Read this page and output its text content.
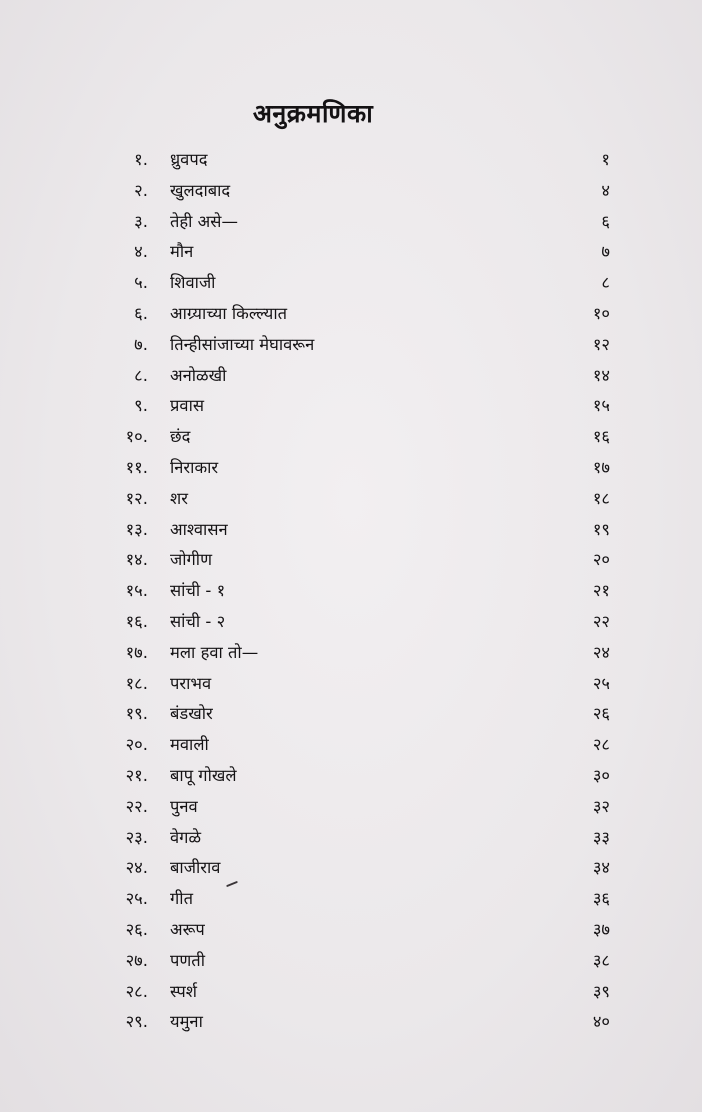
अनुक्रमणिका
१. ध्रुवपद	१
२. खुलदाबाद	४
३. तेही असे—	६
४. मौन	७
५. शिवाजी	८
६. आग्र्याच्या किल्ल्यात	१०
७. तिन्हीसांजाच्या मेघावरून	१२
८. अनोळखी	१४
९. प्रवास	१५
१०. छंद	१६
११. निराकार	१७
१२. शर	१८
१३. आश्वासन	१९
१४. जोगीण	२०
१५. सांची - १	२१
१६. सांची - २	२२
१७. मला हवा तो—	२४
१८. पराभव	२५
१९. बंडखोर	२६
२०. मवाली	२८
२१. बापू गोखले	३०
२२. पुनव	३२
२३. वेगळे	३३
२४. बाजीराव	३४
२५. गीत	३६
२६. अरूप	३७
२७. पणती	३८
२८. स्पर्श	३९
२९. यमुना	४०
